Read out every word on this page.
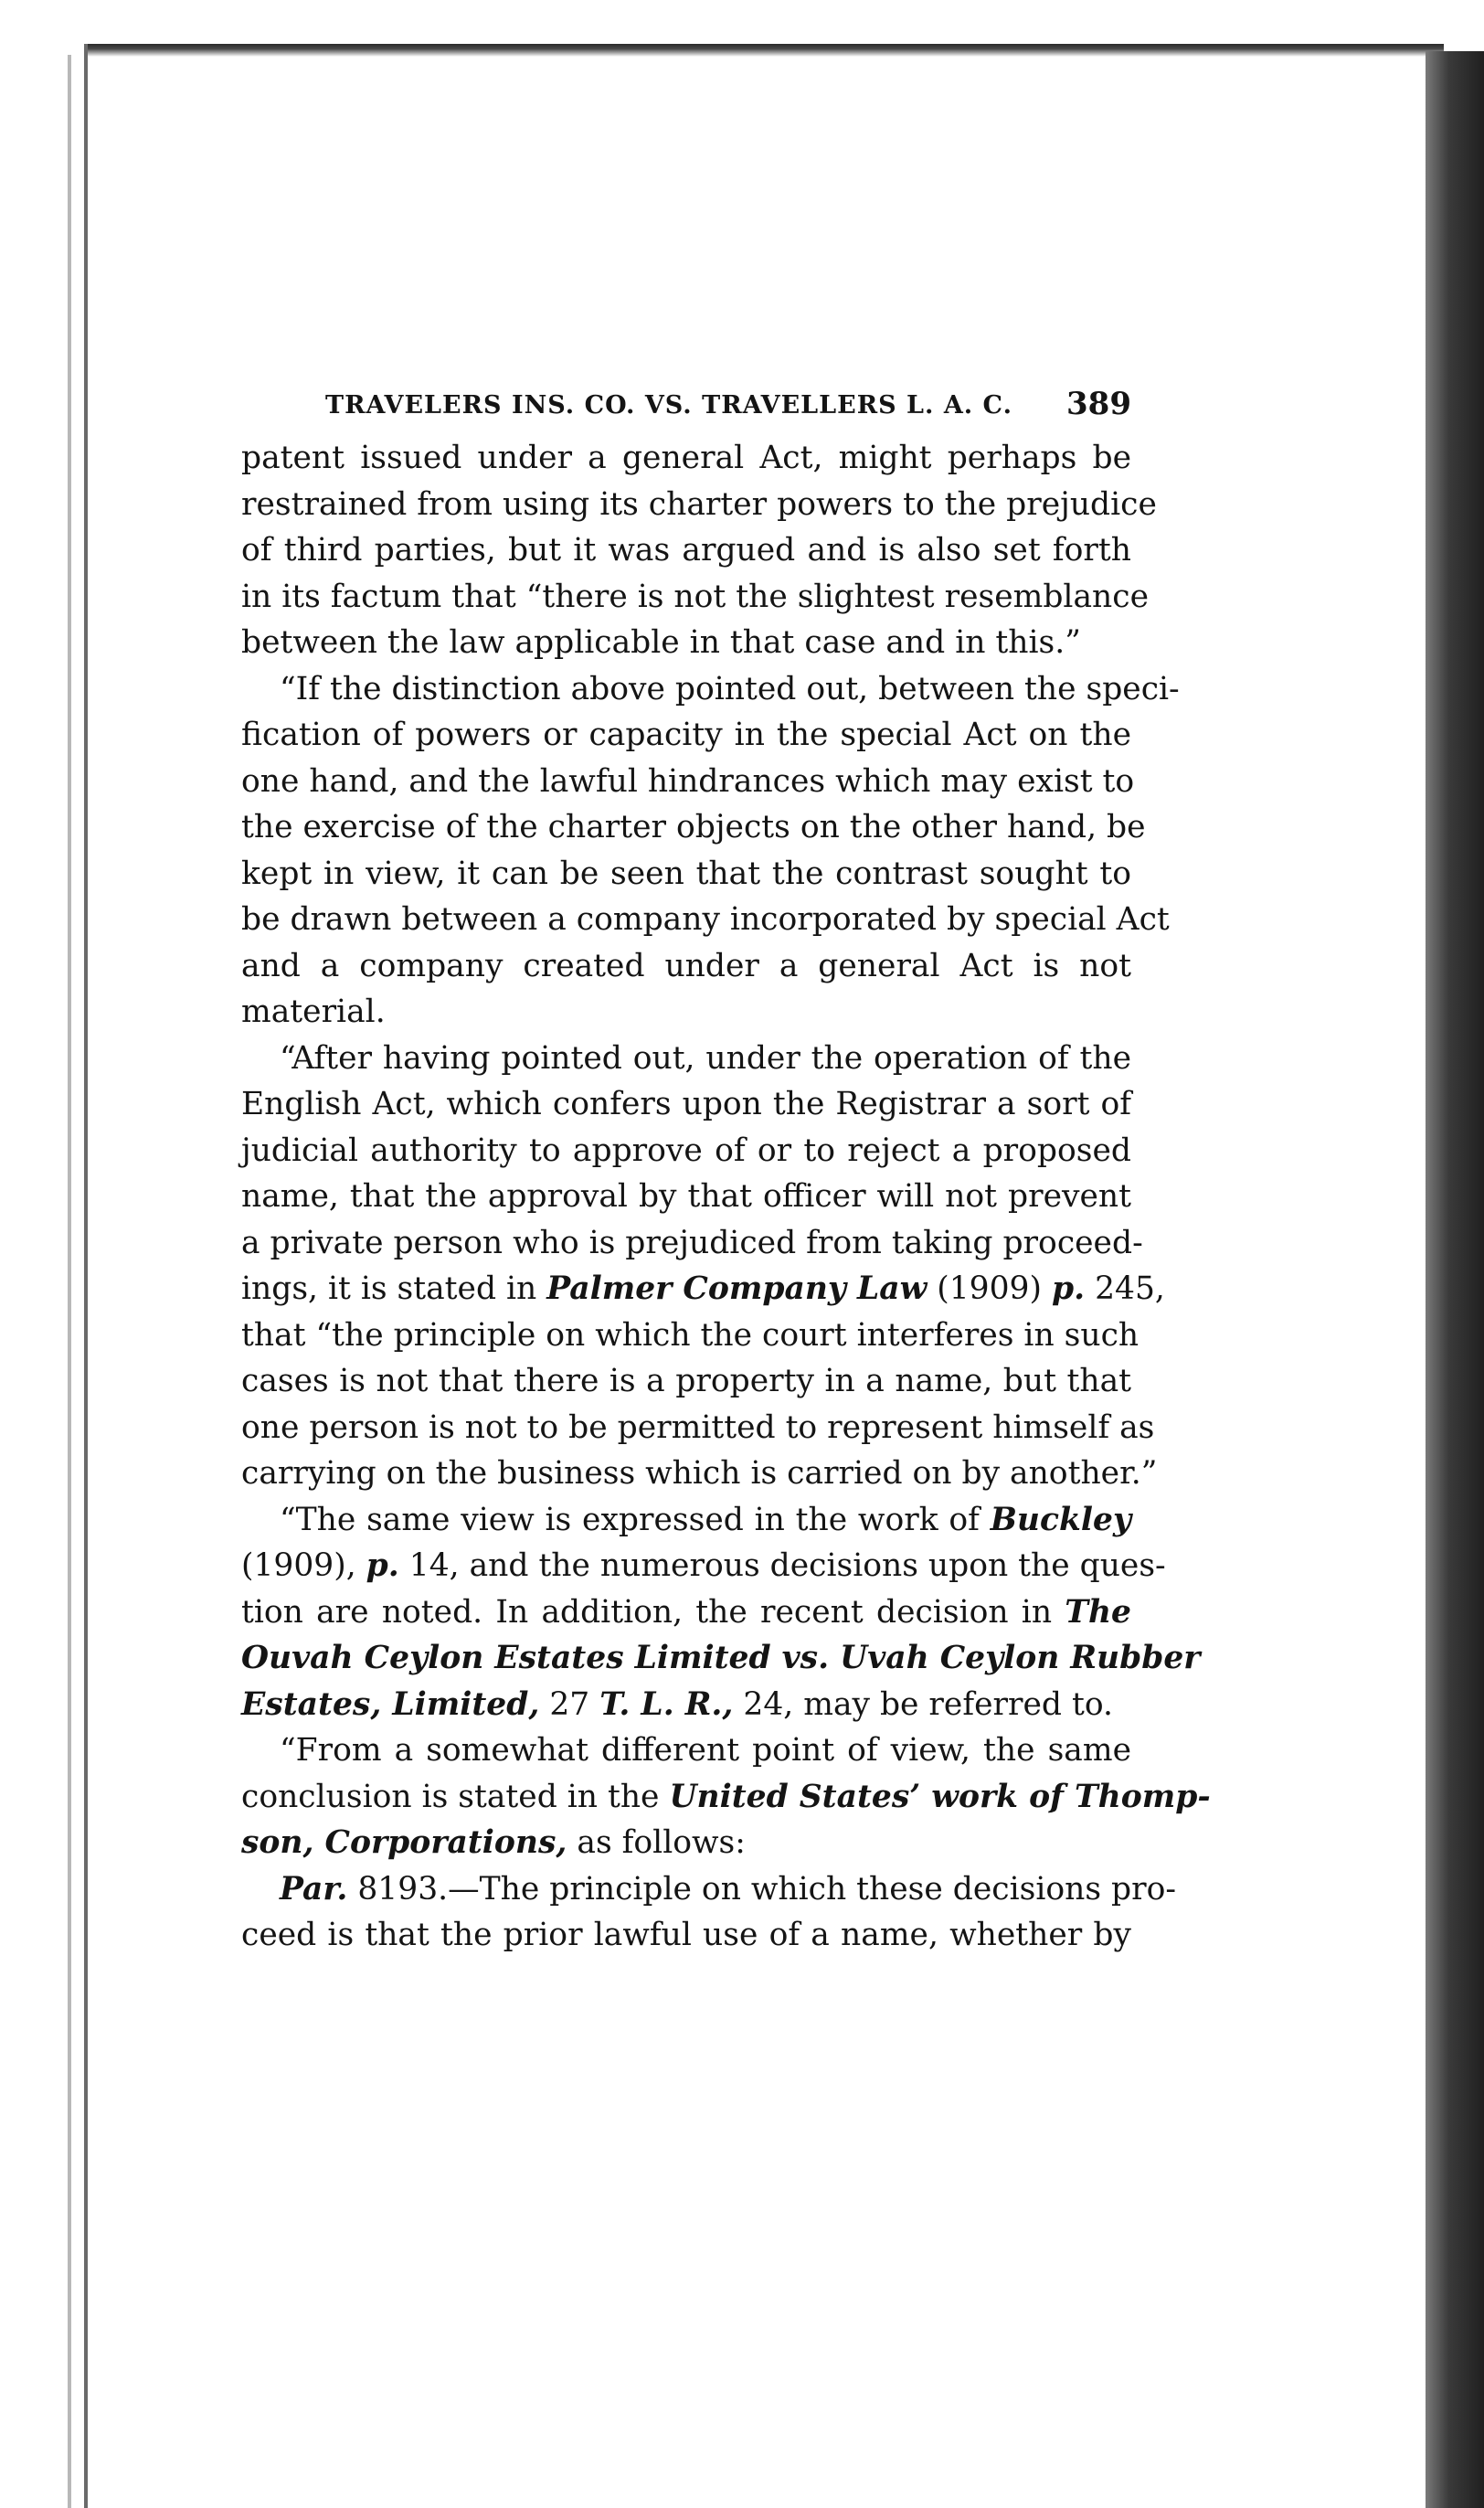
TRAVELERS INS. CO. VS. TRAVELLERS L. A. C. 389

patent issued under a general Act, might perhaps be

restrained from using its charter powers to the prejudice

of third parties, but it was argued and is also set forth

in its factum that “there is not the slightest resemblance

between the law applicable in that case and in this.”

“If the distinction above pointed out, between the speci-

fication of powers or capacity in the special Act on the

one hand, and the lawful hindrances which may exist to

the exercise of the charter objects on the other hand, be

kept in view, it can be seen that the contrast sought to

be drawn between a company incorporated by special Act

and a company created under a general Act is not

material.

“After having pointed out, under the operation of the

English Act, which confers upon the Registrar a sort of

judicial authority to approve of or to reject a proposed

name, that the approval by that officer will not prevent

a private person who is prejudiced from taking proceed-

ings, it is stated in Palmer Company Law (1909) p. 245,

that “the principle on which the court interferes in such

cases is not that there is a property in a name, but that

one person is not to be permitted to represent himself as

carrying on the business which is carried on by another.”

“The same view is expressed in the work of Buckley

(1909), p. 14, and the numerous decisions upon the ques-

tion are noted. In addition, the recent decision in The

Ouvah Ceylon Estates Limited vs. Uvah Ceylon Rubber

Estates, Limited, 27 T. L. R., 24, may be referred to.

“From a somewhat different point of view, the same

conclusion is stated in the United States’ work of Thomp-

son, Corporations, as follows:

Par. 8193.—The principle on which these decisions pro-

ceed is that the prior lawful use of a name, whether by
